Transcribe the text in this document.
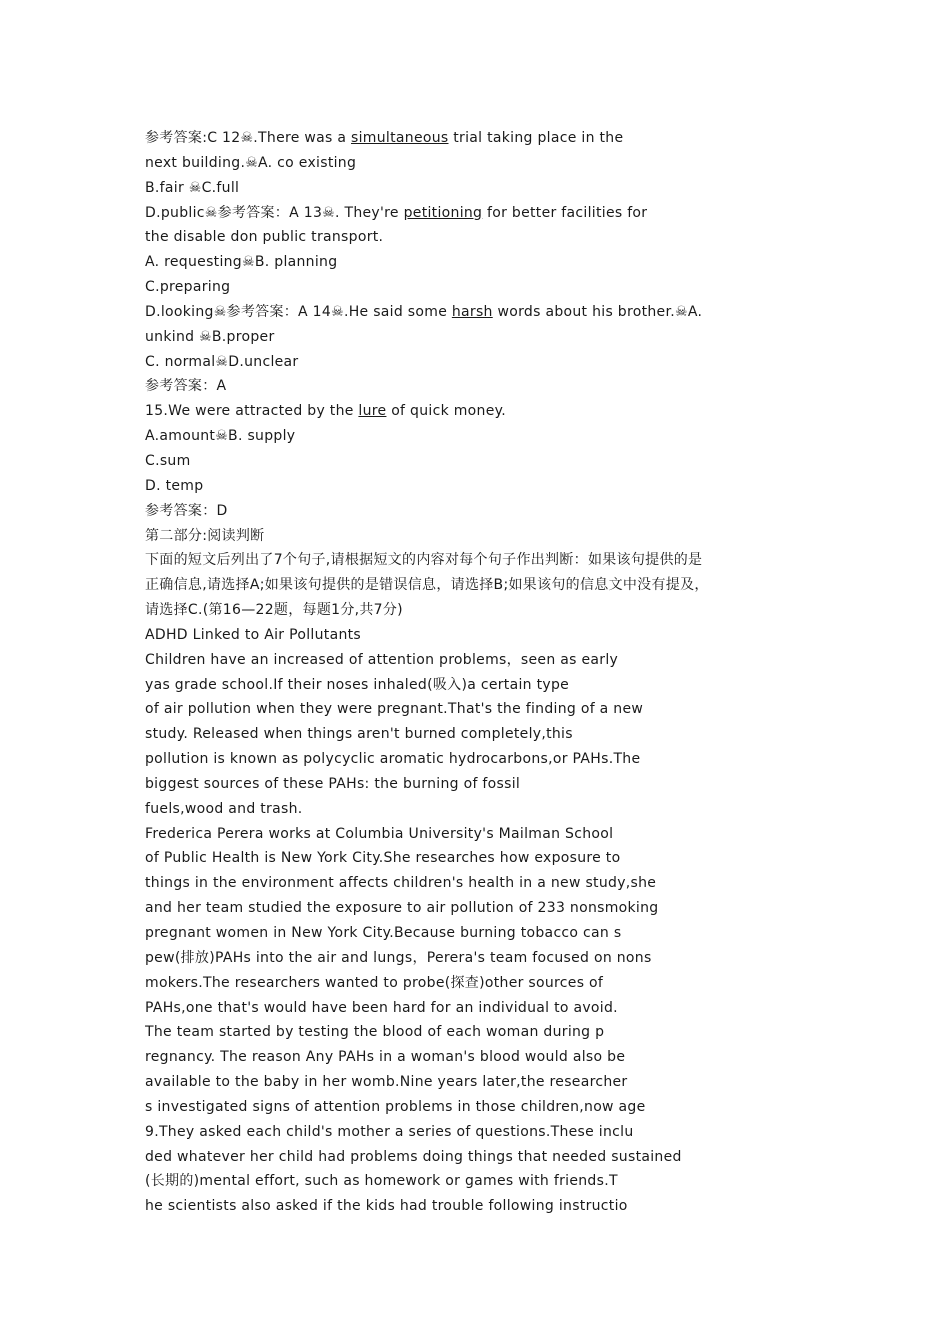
参考答案:C 12☠.There was a simultaneous trial taking place in the
next building.☠A. co existing
B.fair ☠C.full
D.public☠参考答案：A 13☠. They're petitioning for better facilities for
the disable don public transport.
A. requesting☠B. planning
C.preparing
D.looking☠参考答案：A 14☠.He said some harsh words about his brother.☠A.
unkind ☠B.proper
C. normal☠D.unclear
参考答案：A
15.We were attracted by the lure of quick money.
A.amount☠B. supply
C.sum
D. temp
参考答案：D
第二部分:阅读判断
下面的短文后列出了7个句子,请根据短文的内容对每个句子作出判断：如果该句提供的是
正确信息,请选择A;如果该句提供的是错误信息，请选择B;如果该句的信息文中没有提及，
请选择C.(第16—22题，每题1分,共7分)
ADHD Linked to Air Pollutants
Children have an increased of attention problems，seen as early
yas grade school.If their noses inhaled(吸入)a certain type
of air pollution when they were pregnant.That's the finding of a new
study. Released when things aren't burned completely,this
pollution is known as polycyclic aromatic hydrocarbons,or PAHs.The
biggest sources of these PAHs: the burning of fossil
fuels,wood and trash.
Frederica Perera works at Columbia University's Mailman School
of Public Health is New York City.She researches how exposure to
things in the environment affects children's health in a new study,she
and her team studied the exposure to air pollution of 233 nonsmoking
pregnant women in New York City.Because burning tobacco can s
pew(排放)PAHs into the air and lungs，Perera's team focused on nons
mokers.The researchers wanted to probe(探查)other sources of
PAHs,one that's would have been hard for an individual to avoid.
The team started by testing the blood of each woman during p
regnancy. The reason Any PAHs in a woman's blood would also be
available to the baby in her womb.Nine years later,the researcher
s investigated signs of attention problems in those children,now age
9.They asked each child's mother a series of questions.These inclu
ded whatever her child had problems doing things that needed sustained
(长期的)mental effort, such as homework or games with friends.T
he scientists also asked if the kids had trouble following instructio
